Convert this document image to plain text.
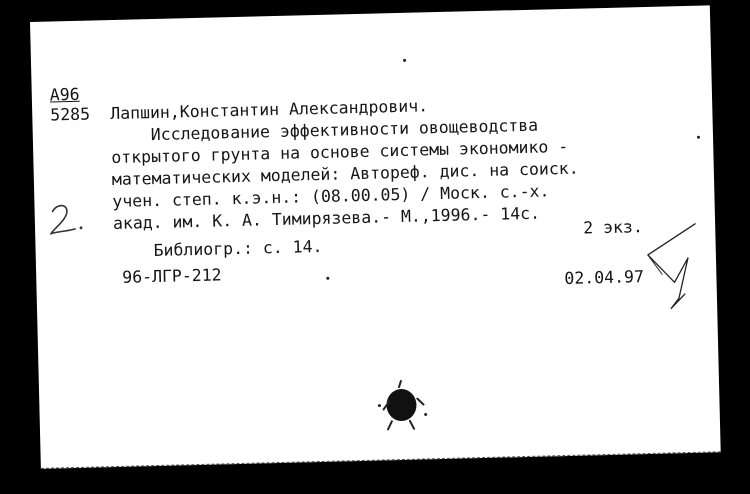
А96
5285 Лапшин,Константин Александрович.
Исследование эффективности овощеводства
открытого грунта на основе системы экономико -
математических моделей: Автореф. дис. на соиск.
учен. степ. к.э.н.: (08.00.05) / Моск. с.-х.
акад. им. К. А. Тимирязева.- М.,1996.- 14с.	2 экз.
Библиогр.: с. 14.
96-ЛГР-212	02.04.97
